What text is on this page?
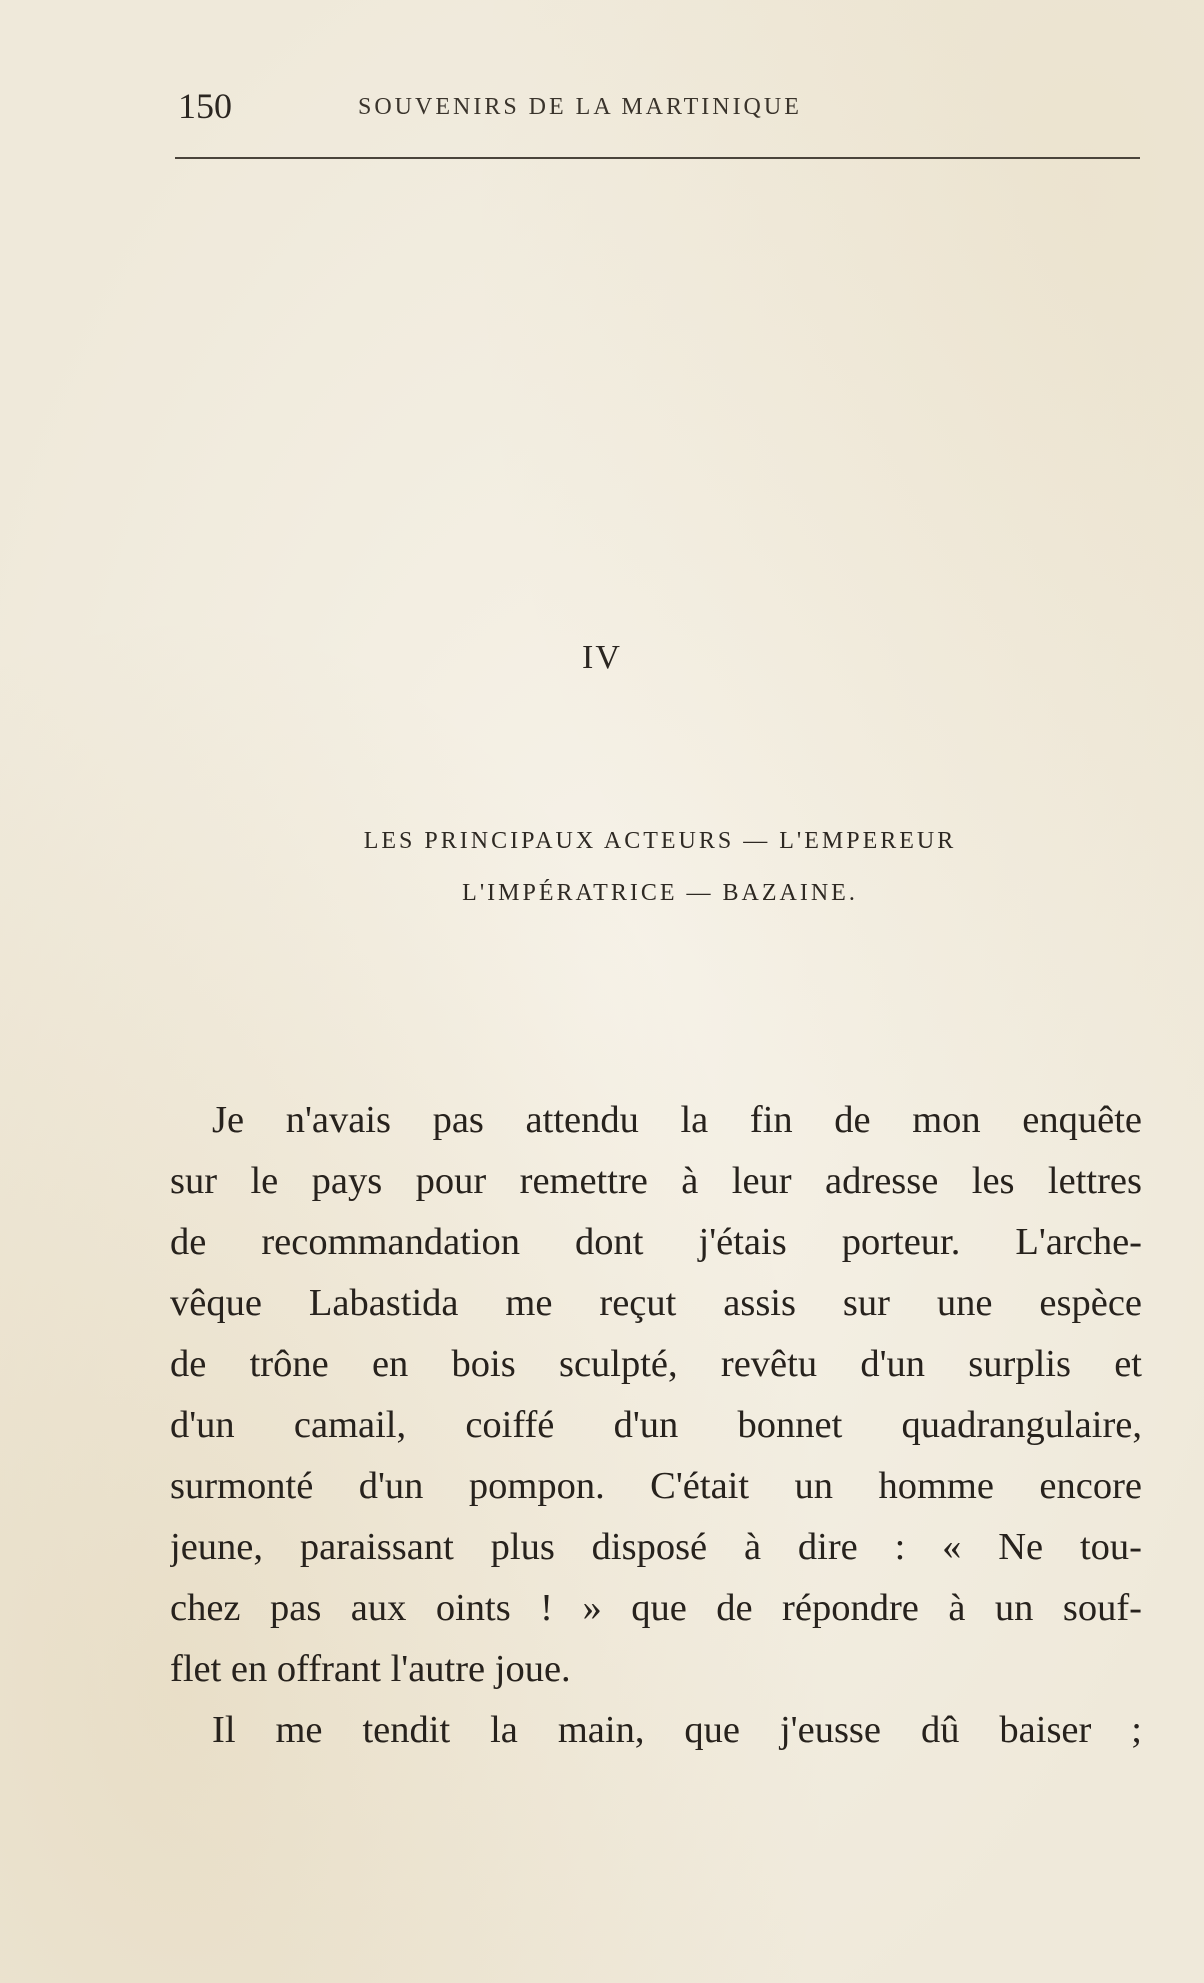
150	SOUVENIRS DE LA MARTINIQUE
IV
LES PRINCIPAUX ACTEURS — L'EMPEREUR
L'IMPÉRATRICE — BAZAINE.
Je n'avais pas attendu la fin de mon enquête
sur le pays pour remettre à leur adresse les lettres
de recommandation dont j'étais porteur. L'arche-
vêque Labastida me reçut assis sur une espèce
de trône en bois sculpté, revêtu d'un surplis et
d'un camail, coiffé d'un bonnet quadrangulaire,
surmonté d'un pompon. C'était un homme encore
jeune, paraissant plus disposé à dire : « Ne tou-
chez pas aux oints ! » que de répondre à un souf-
flet en offrant l'autre joue.
Il me tendit la main, que j'eusse dû baiser ;
